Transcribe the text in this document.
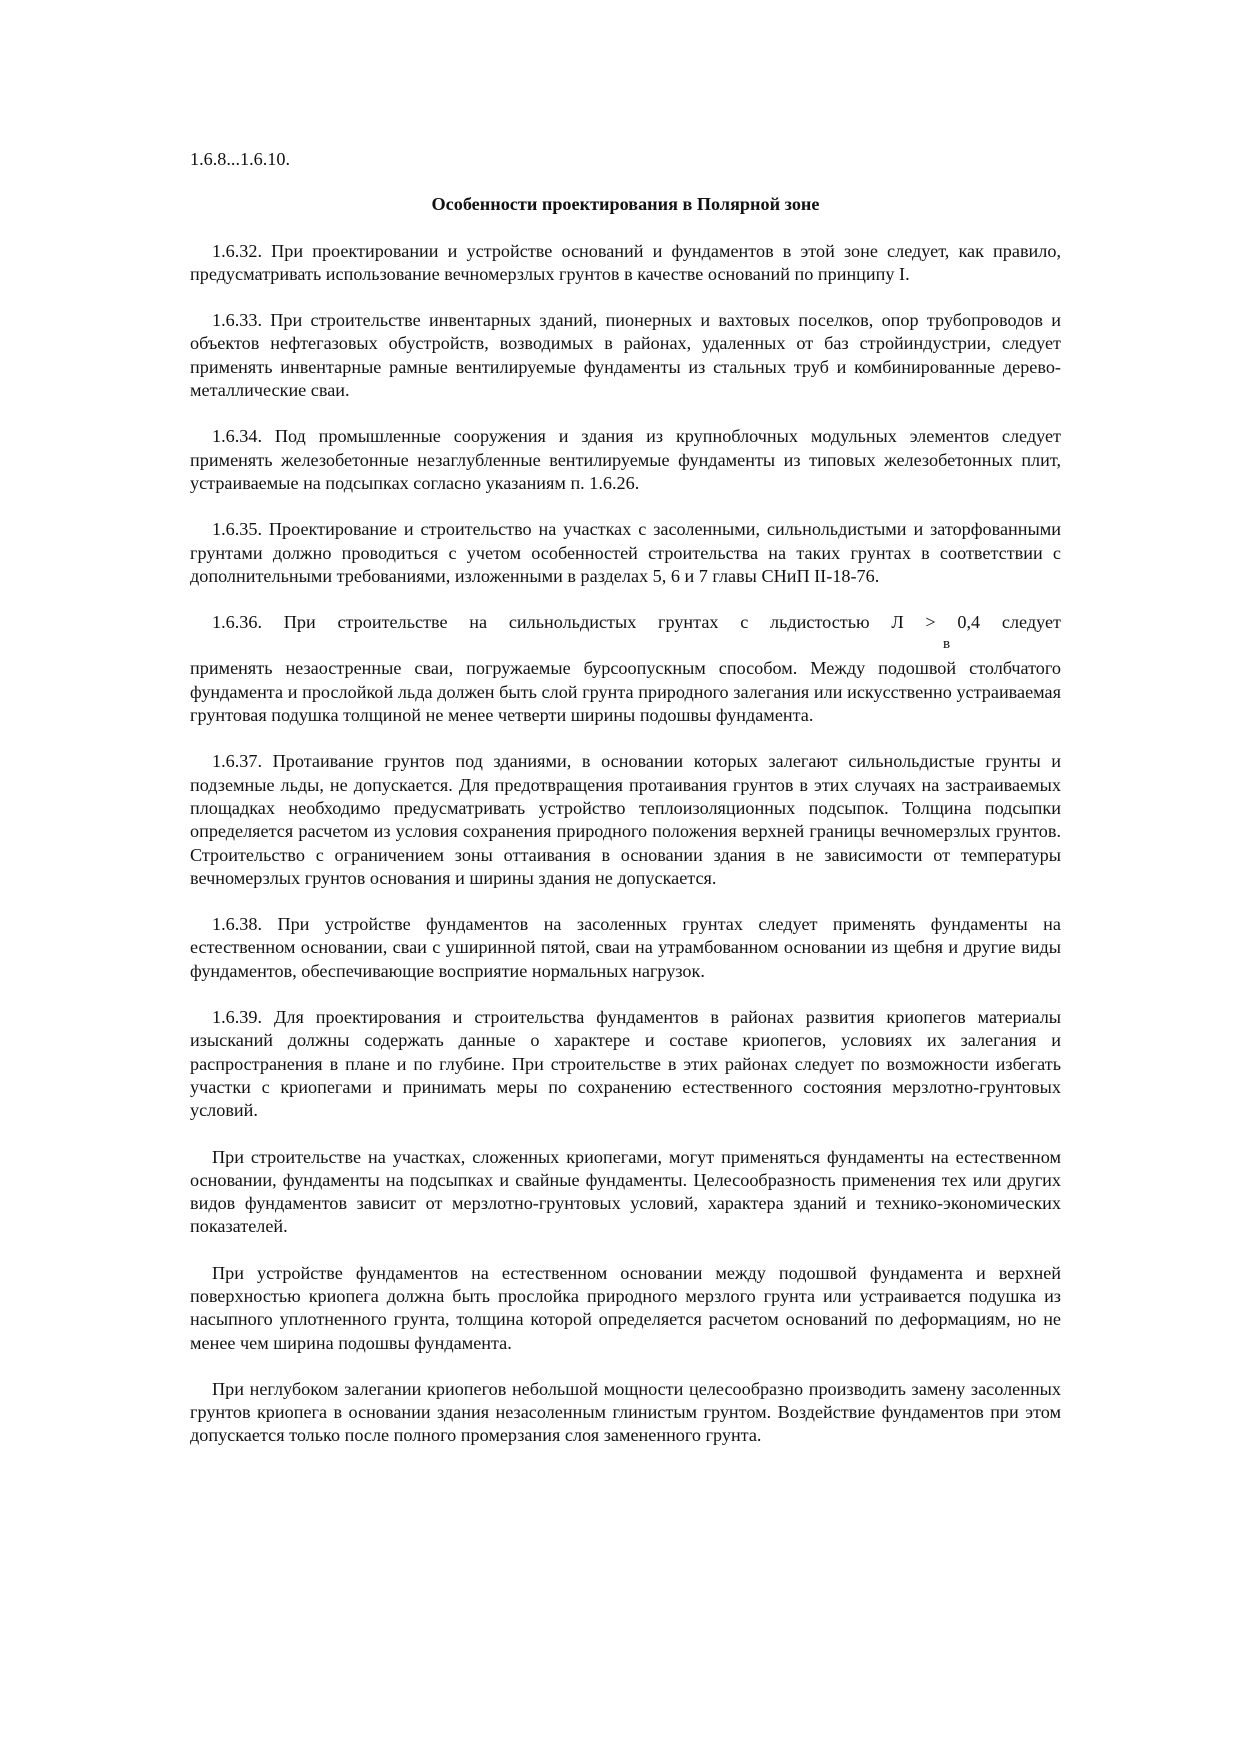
1.6.8...1.6.10.
Особенности проектирования в Полярной зоне

1.6.32. При проектировании и устройстве оснований и фундаментов в этой зоне следует, как правило, предусматривать использование вечномерзлых грунтов в качестве оснований по принципу I.

1.6.33. При строительстве инвентарных зданий, пионерных и вахтовых поселков, опор трубопроводов и объектов нефтегазовых обустройств, возводимых в районах, удаленных от баз стройиндустрии, следует применять инвентарные рамные вентилируемые фундаменты из стальных труб и комбинированные дерево-металлические сваи.

1.6.34. Под промышленные сооружения и здания из крупноблочных модульных элементов следует применять железобетонные незаглубленные вентилируемые фундаменты из типовых железобетонных плит, устраиваемые на подсыпках согласно указаниям п. 1.6.26.

1.6.35. Проектирование и строительство на участках с засоленными, сильнольдистыми и заторфованными грунтами должно проводиться с учетом особенностей строительства на таких грунтах в соответствии с дополнительными требованиями, изложенными в разделах 5, 6 и 7 главы СНиП II-18-76.

1.6.36. При строительстве на сильнольдистых грунтах с льдистостью Л > 0,4 следует

в

применять незаостренные сваи, погружаемые бурсоопускным способом. Между подошвой столбчатого фундамента и прослойкой льда должен быть слой грунта природного залегания или искусственно устраиваемая грунтовая подушка толщиной не менее четверти ширины подошвы фундамента.

1.6.37. Протаивание грунтов под зданиями, в основании которых залегают сильнольдистые грунты и подземные льды, не допускается. Для предотвращения протаивания грунтов в этих случаях на застраиваемых площадках необходимо предусматривать устройство теплоизоляционных подсыпок. Толщина подсыпки определяется расчетом из условия сохранения природного положения верхней границы вечномерзлых грунтов. Строительство с ограничением зоны оттаивания в основании здания в не зависимости от температуры вечномерзлых грунтов основания и ширины здания не допускается.

1.6.38. При устройстве фундаментов на засоленных грунтах следует применять фундаменты на естественном основании, сваи с уширинной пятой, сваи на утрамбованном основании из щебня и другие виды фундаментов, обеспечивающие восприятие нормальных нагрузок.

1.6.39. Для проектирования и строительства фундаментов в районах развития криопегов материалы изысканий должны содержать данные о характере и составе криопегов, условиях их залегания и распространения в плане и по глубине. При строительстве в этих районах следует по возможности избегать участки с криопегами и принимать меры по сохранению естественного состояния мерзлотно-грунтовых условий.

При строительстве на участках, сложенных криопегами, могут применяться фундаменты на естественном основании, фундаменты на подсыпках и свайные фундаменты. Целесообразность применения тех или других видов фундаментов зависит от мерзлотно-грунтовых условий, характера зданий и технико-экономических показателей.

При устройстве фундаментов на естественном основании между подошвой фундамента и верхней поверхностью криопега должна быть прослойка природного мерзлого грунта или устраивается подушка из насыпного уплотненного грунта, толщина которой определяется расчетом оснований по деформациям, но не менее чем ширина подошвы фундамента.

При неглубоком залегании криопегов небольшой мощности целесообразно производить замену засоленных грунтов криопега в основании здания незасоленным глинистым грунтом. Воздействие фундаментов при этом допускается только после полного промерзания слоя замененного грунта.
